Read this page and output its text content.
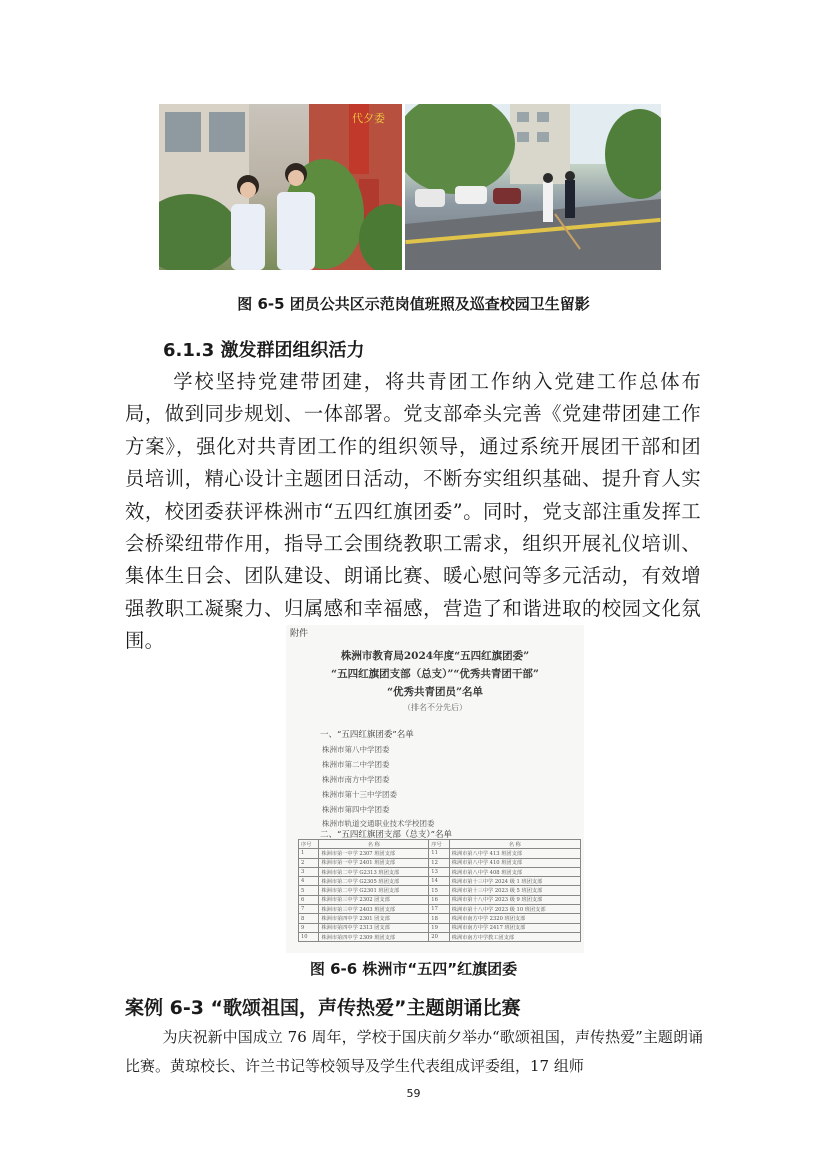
代夕委
图 6-5 团员公共区示范岗值班照及巡查校园卫生留影
6.1.3 激发群团组织活力
学校坚持党建带团建，将共青团工作纳入党建工作总体布局，做到同步规划、一体部署。党支部牵头完善《党建带团建工作方案》，强化对共青团工作的组织领导，通过系统开展团干部和团员培训，精心设计主题团日活动，不断夯实组织基础、提升育人实效，校团委获评株洲市“五四红旗团委”。同时，党支部注重发挥工会桥梁纽带作用，指导工会围绕教职工需求，组织开展礼仪培训、集体生日会、团队建设、朗诵比赛、暖心慰问等多元活动，有效增强教职工凝聚力、归属感和幸福感，营造了和谐进取的校园文化氛围。	附件
株洲市教育局2024年度“五四红旗团委”
“五四红旗团支部（总支）”“优秀共青团干部”
“优秀共青团员”名单
（排名不分先后）
一、“五四红旗团委”名单
株洲市第八中学团委
株洲市第二中学团委
株洲市南方中学团委
株洲市第十三中学团委
株洲市第四中学团委
株洲市轨道交通职业技术学校团委
二、“五四红旗团支部（总支）”名单
序号	名 称	序号	名 称
1	株洲市第一中学 2307 班团支部	11	株洲市第八中学 413 班团支部
2	株洲市第一中学 2401 班团支部	12	株洲市第八中学 410 班团支部
3	株洲市第二中学 G2313 班团支部	13	株洲市第八中学 408 班团支部
4	株洲市第二中学 G2305 班团支部	14	株洲市第十三中学 2024 级 1 班团支部
5	株洲市第二中学 G2301 班团支部	15	株洲市第十三中学 2023 级 5 班团支部
6	株洲市第三中学 2302 团支部	16	株洲市第十八中学 2023 级 9 班团支部
7	株洲市第三中学 2403 班团支部	17	株洲市第十八中学 2023 级 10 班团支部
8	株洲市第四中学 2301 团支部	18	株洲市南方中学 2320 班团支部
9	株洲市第四中学 2313 团支部	19	株洲市南方中学 2417 班团支部
10	株洲市第四中学 2309 班团支部	20	株洲市南方中学教工团支部
图 6-6 株洲市“五四”红旗团委
案例 6-3 “歌颂祖国，声传热爱”主题朗诵比赛
为庆祝新中国成立 76 周年，学校于国庆前夕举办“歌颂祖国，声传热爱”主题朗诵比赛。黄琼校长、许兰书记等校领导及学生代表组成评委组，17 组师
59
